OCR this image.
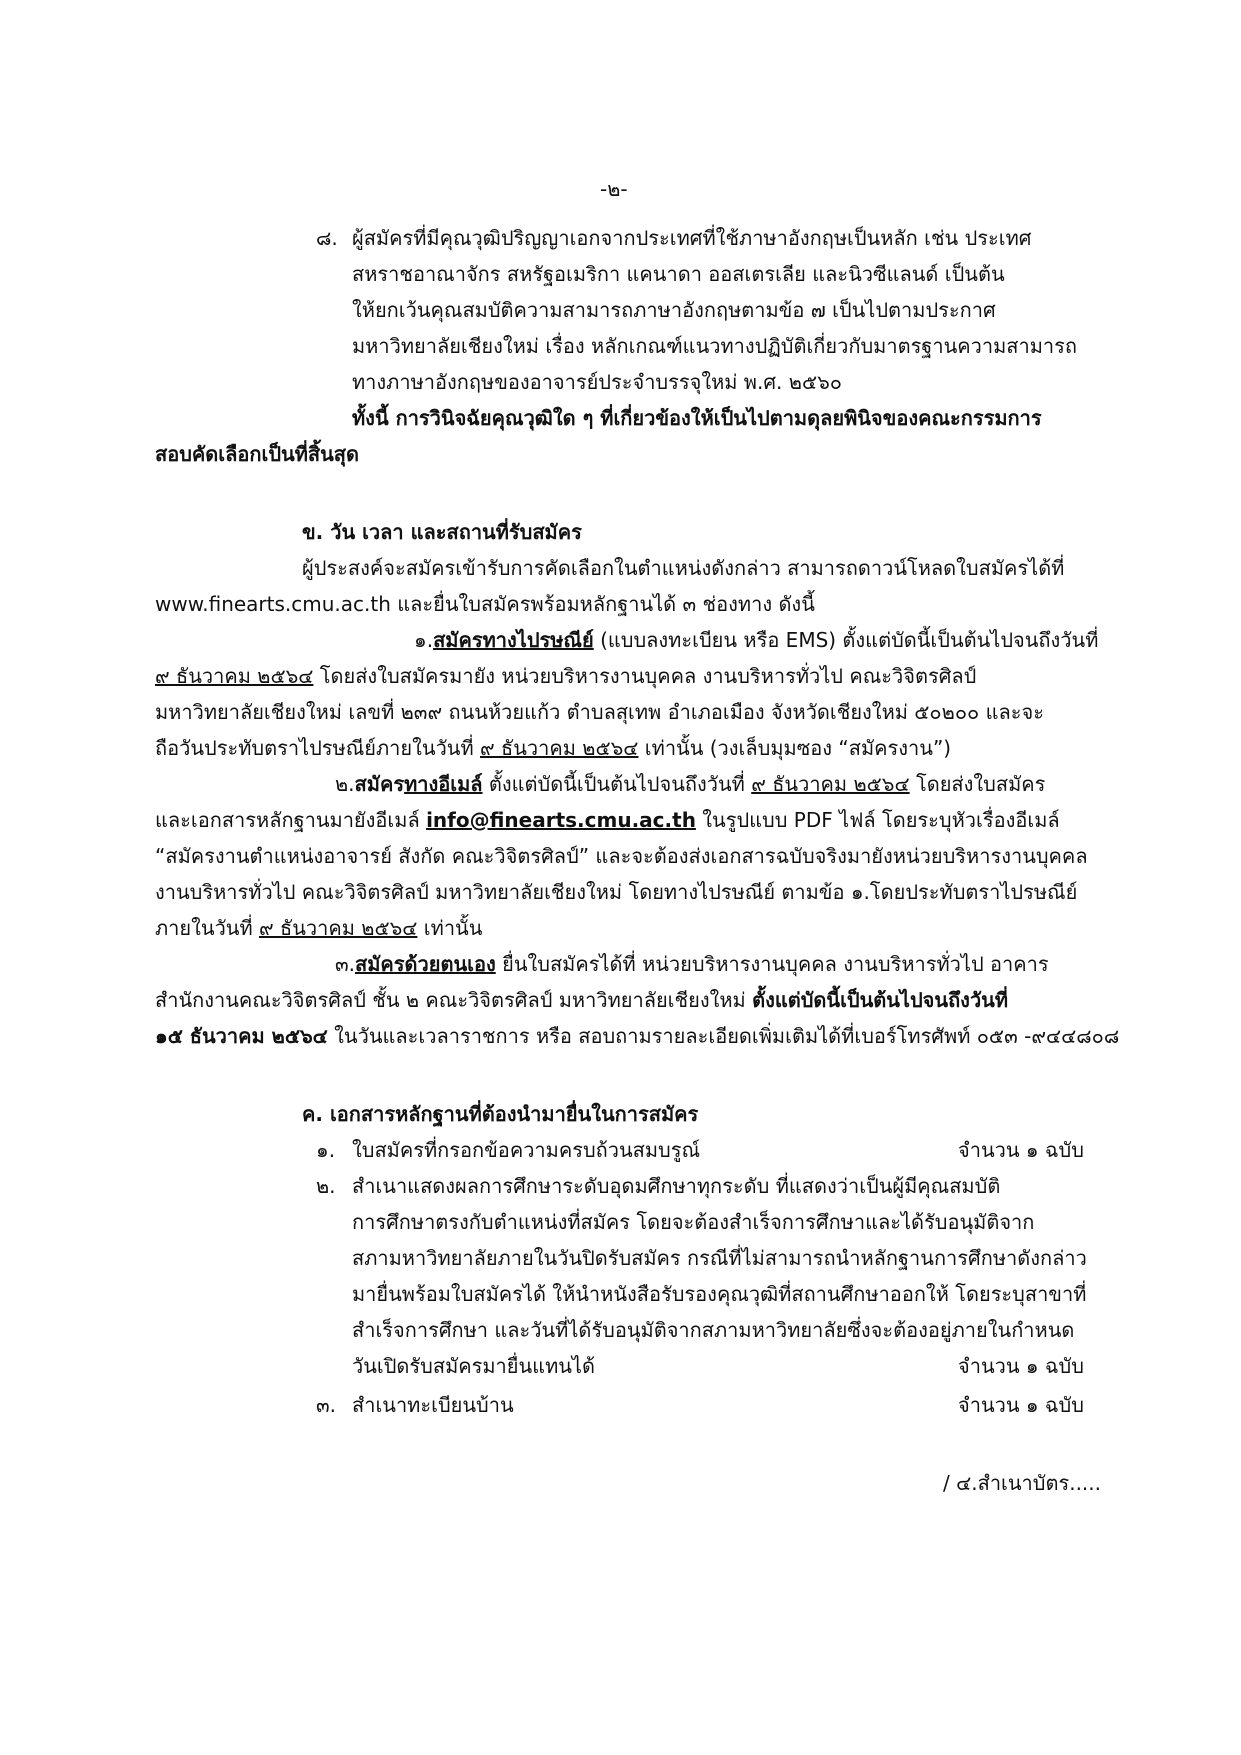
-๒-
๘. ผู้สมัครที่มีคุณวุฒิปริญญาเอกจากประเทศที่ใช้ภาษาอังกฤษเป็นหลัก เช่น ประเทศ
สหราชอาณาจักร สหรัฐอเมริกา แคนาดา ออสเตรเลีย และนิวซีแลนด์ เป็นต้น
ให้ยกเว้นคุณสมบัติความสามารถภาษาอังกฤษตามข้อ ๗ เป็นไปตามประกาศ
มหาวิทยาลัยเชียงใหม่ เรื่อง หลักเกณฑ์แนวทางปฏิบัติเกี่ยวกับมาตรฐานความสามารถ
ทางภาษาอังกฤษของอาจารย์ประจำบรรจุใหม่ พ.ศ. ๒๕๖๐
ทั้งนี้ การวินิจฉัยคุณวุฒิใด ๆ ที่เกี่ยวข้องให้เป็นไปตามดุลยพินิจของคณะกรรมการ
สอบคัดเลือกเป็นที่สิ้นสุด
ข. วัน เวลา และสถานที่รับสมัคร
ผู้ประสงค์จะสมัครเข้ารับการคัดเลือกในตำแหน่งดังกล่าว สามารถดาวน์โหลดใบสมัครได้ที่
www.finearts.cmu.ac.th และยื่นใบสมัครพร้อมหลักฐานได้ ๓ ช่องทาง ดังนี้
๑.สมัครทางไปรษณีย์ (แบบลงทะเบียน หรือ EMS) ตั้งแต่บัดนี้เป็นต้นไปจนถึงวันที่
๙ ธันวาคม ๒๕๖๔ โดยส่งใบสมัครมายัง หน่วยบริหารงานบุคคล งานบริหารทั่วไป คณะวิจิตรศิลป์
มหาวิทยาลัยเชียงใหม่ เลขที่ ๒๓๙ ถนนห้วยแก้ว ตำบลสุเทพ อำเภอเมือง จังหวัดเชียงใหม่ ๕๐๒๐๐ และจะ
ถือวันประทับตราไปรษณีย์ภายในวันที่ ๙ ธันวาคม ๒๕๖๔ เท่านั้น (วงเล็บมุมซอง “สมัครงาน”)
๒.สมัครทางอีเมล์ ตั้งแต่บัดนี้เป็นต้นไปจนถึงวันที่ ๙ ธันวาคม ๒๕๖๔ โดยส่งใบสมัคร
และเอกสารหลักฐานมายังอีเมล์ info@finearts.cmu.ac.th ในรูปแบบ PDF ไฟล์ โดยระบุหัวเรื่องอีเมล์
“สมัครงานตำแหน่งอาจารย์ สังกัด คณะวิจิตรศิลป์” และจะต้องส่งเอกสารฉบับจริงมายังหน่วยบริหารงานบุคคล
งานบริหารทั่วไป คณะวิจิตรศิลป์ มหาวิทยาลัยเชียงใหม่ โดยทางไปรษณีย์ ตามข้อ ๑.โดยประทับตราไปรษณีย์
ภายในวันที่ ๙ ธันวาคม ๒๕๖๔ เท่านั้น
๓.สมัครด้วยตนเอง ยื่นใบสมัครได้ที่ หน่วยบริหารงานบุคคล งานบริหารทั่วไป อาคาร
สำนักงานคณะวิจิตรศิลป์ ชั้น ๒ คณะวิจิตรศิลป์ มหาวิทยาลัยเชียงใหม่ ตั้งแต่บัดนี้เป็นต้นไปจนถึงวันที่
๑๕ ธันวาคม ๒๕๖๔ ในวันและเวลาราชการ หรือ สอบถามรายละเอียดเพิ่มเติมได้ที่เบอร์โทรศัพท์ ๐๕๓ -๙๔๔๘๐๘
ค. เอกสารหลักฐานที่ต้องนำมายื่นในการสมัคร
๑. ใบสมัครที่กรอกข้อความครบถ้วนสมบรูณ์	จำนวน ๑ ฉบับ
๒. สำเนาแสดงผลการศึกษาระดับอุดมศึกษาทุกระดับ ที่แสดงว่าเป็นผู้มีคุณสมบัติ
การศึกษาตรงกับตำแหน่งที่สมัคร โดยจะต้องสำเร็จการศึกษาและได้รับอนุมัติจาก
สภามหาวิทยาลัยภายในวันปิดรับสมัคร กรณีที่ไม่สามารถนำหลักฐานการศึกษาดังกล่าว
มายื่นพร้อมใบสมัครได้ ให้นำหนังสือรับรองคุณวุฒิที่สถานศึกษาออกให้ โดยระบุสาขาที่
สำเร็จการศึกษา และวันที่ได้รับอนุมัติจากสภามหาวิทยาลัยซึ่งจะต้องอยู่ภายในกำหนด
วันเปิดรับสมัครมายื่นแทนได้	จำนวน ๑ ฉบับ
๓. สำเนาทะเบียนบ้าน	จำนวน ๑ ฉบับ
/ ๔.สำเนาบัตร.....
